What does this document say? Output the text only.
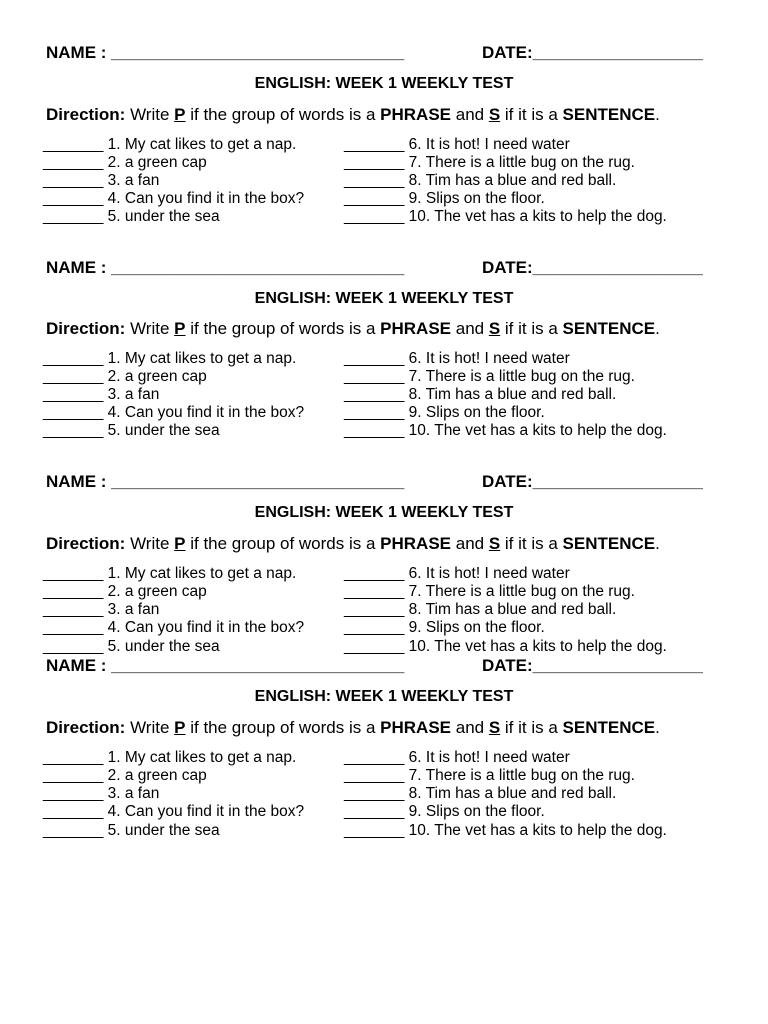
NAME : _______________________________	DATE:__________________
ENGLISH: WEEK 1 WEEKLY TEST
Direction: Write P if the group of words is a PHRASE and S if it is a SENTENCE.
_______ 1. My cat likes to get a nap.
_______ 2. a green cap
_______ 3. a fan
_______ 4. Can you find it in the box?
_______ 5. under the sea
_______ 6. It is hot! I need water
_______ 7. There is a little bug on the rug.
_______ 8. Tim has a blue and red ball.
_______ 9. Slips on the floor.
_______ 10. The vet has a kits to help the dog.
NAME : _______________________________	DATE:__________________
ENGLISH: WEEK 1 WEEKLY TEST
Direction: Write P if the group of words is a PHRASE and S if it is a SENTENCE.
_______ 1. My cat likes to get a nap.
_______ 2. a green cap
_______ 3. a fan
_______ 4. Can you find it in the box?
_______ 5. under the sea
_______ 6. It is hot! I need water
_______ 7. There is a little bug on the rug.
_______ 8. Tim has a blue and red ball.
_______ 9. Slips on the floor.
_______ 10. The vet has a kits to help the dog.
NAME : _______________________________	DATE:__________________
ENGLISH: WEEK 1 WEEKLY TEST
Direction: Write P if the group of words is a PHRASE and S if it is a SENTENCE.
_______ 1. My cat likes to get a nap.
_______ 2. a green cap
_______ 3. a fan
_______ 4. Can you find it in the box?
_______ 5. under the sea
_______ 6. It is hot! I need water
_______ 7. There is a little bug on the rug.
_______ 8. Tim has a blue and red ball.
_______ 9. Slips on the floor.
_______ 10. The vet has a kits to help the dog.
NAME : _______________________________	DATE:__________________
ENGLISH: WEEK 1 WEEKLY TEST
Direction: Write P if the group of words is a PHRASE and S if it is a SENTENCE.
_______ 1. My cat likes to get a nap.
_______ 2. a green cap
_______ 3. a fan
_______ 4. Can you find it in the box?
_______ 5. under the sea
_______ 6. It is hot! I need water
_______ 7. There is a little bug on the rug.
_______ 8. Tim has a blue and red ball.
_______ 9. Slips on the floor.
_______ 10. The vet has a kits to help the dog.
